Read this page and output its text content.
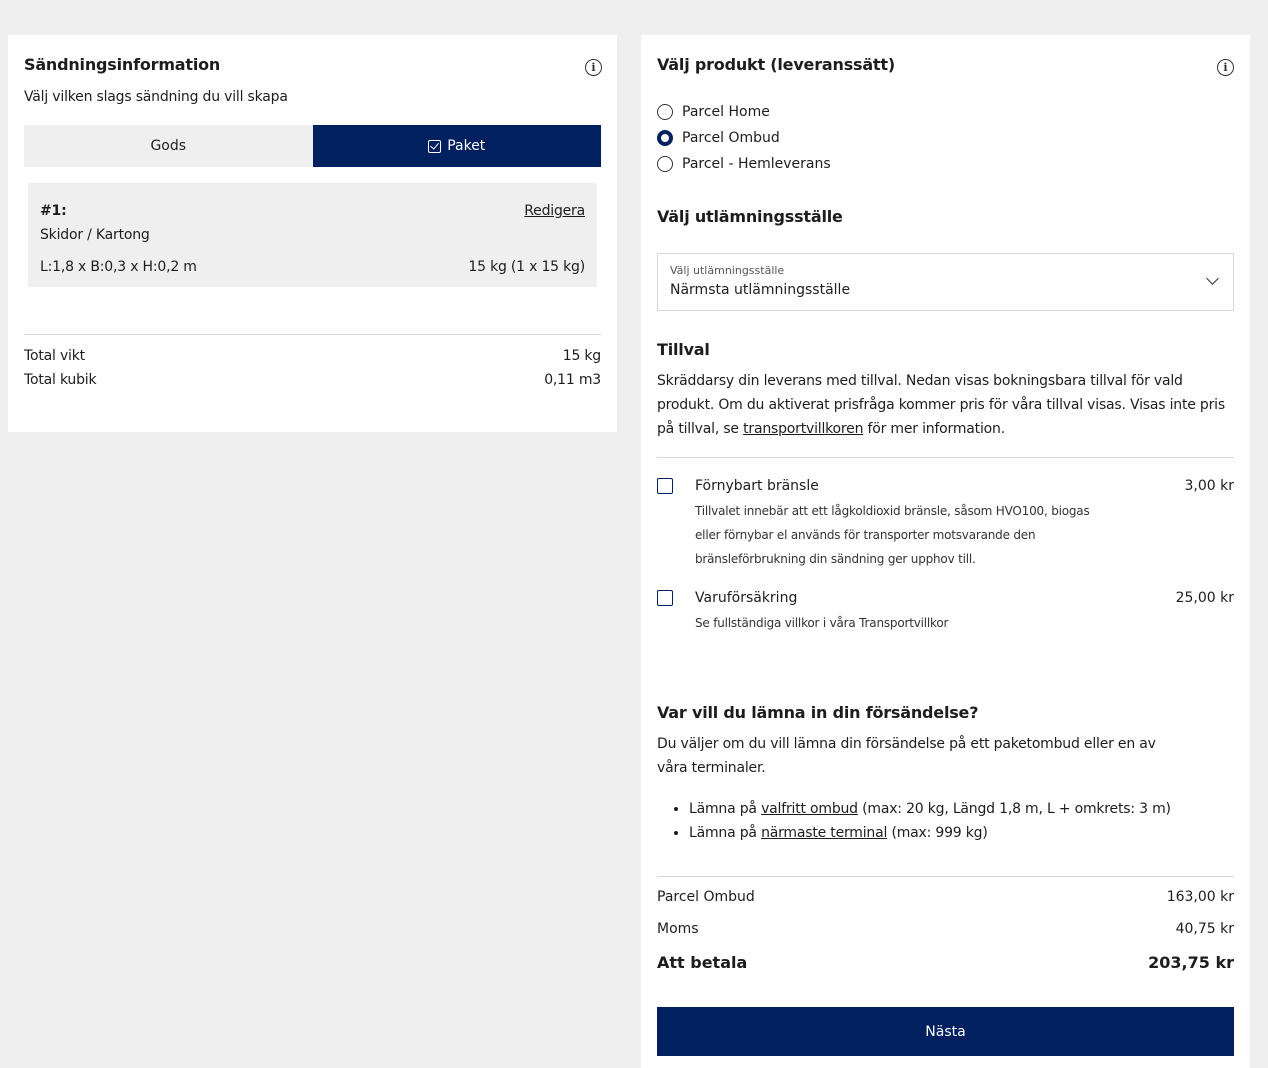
Sändningsinformation	i
Välj vilken slags sändning du vill skapa
Gods	Paket
#1:	Redigera
Skidor / Kartong
L:1,8 x B:0,3 x H:0,2 m	15 kg (1 x 15 kg)
Total vikt	15 kg
Total kubik	0,11 m3
Välj produkt (leveranssätt)	i
Parcel Home
Parcel Ombud
Parcel - Hemleverans
Välj utlämningsställe
Välj utlämningsställe
Närmsta utlämningsställe
Tillval
Skräddarsy din leverans med tillval. Nedan visas bokningsbara tillval för vald produkt. Om du aktiverat prisfråga kommer pris för våra tillval visas. Visas inte pris på tillval, se transportvillkoren för mer information.
Förnybart bränsle	3,00 kr
Tillvalet innebär att ett lågkoldioxid bränsle, såsom HVO100, biogas eller förnybar el används för transporter motsvarande den bränsleförbrukning din sändning ger upphov till.
Varuförsäkring	25,00 kr
Se fullständiga villkor i våra Transportvillkor
Var vill du lämna in din försändelse?
Du väljer om du vill lämna din försändelse på ett paketombud eller en av våra terminaler.
• Lämna på valfritt ombud (max: 20 kg, Längd 1,8 m, L + omkrets: 3 m)
• Lämna på närmaste terminal (max: 999 kg)
Parcel Ombud	163,00 kr
Moms	40,75 kr
Att betala	203,75 kr
Nästa
